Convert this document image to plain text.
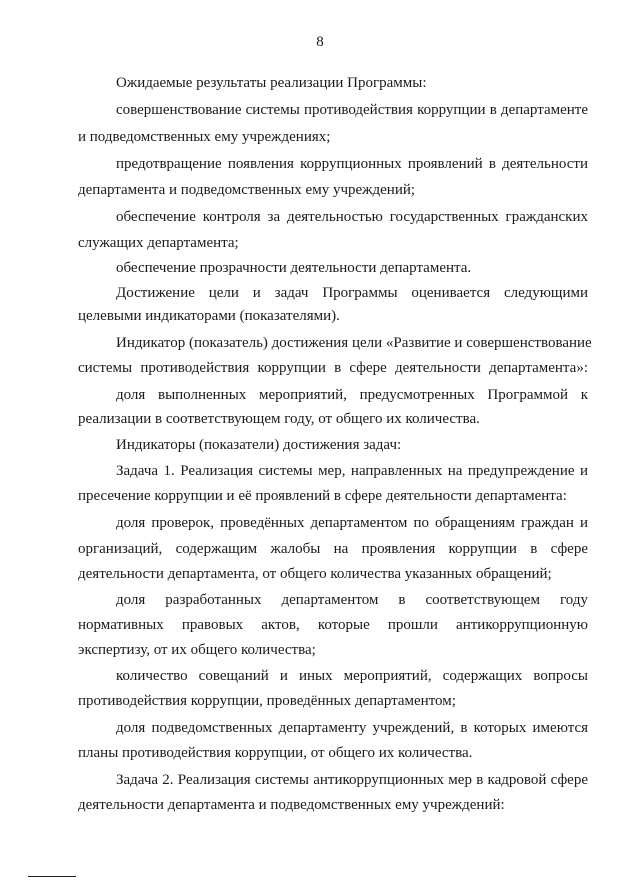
8
Ожидаемые результаты реализации Программы:
совершенствование системы противодействия коррупции в департаменте
и подведомственных ему учреждениях;
предотвращение появления коррупционных проявлений в деятельности
департамента и подведомственных ему учреждений;
обеспечение контроля за деятельностью государственных гражданских
служащих департамента;
обеспечение прозрачности деятельности департамента.
Достижение цели и задач Программы оценивается следующими
целевыми индикаторами (показателями).
Индикатор (показатель) достижения цели «Развитие и совершенствование
системы противодействия коррупции в сфере деятельности департамента»:
доля выполненных мероприятий, предусмотренных Программой к
реализации в соответствующем году, от общего их количества.
Индикаторы (показатели) достижения задач:
Задача 1. Реализация системы мер, направленных на предупреждение и
пресечение коррупции и её проявлений в сфере деятельности департамента:
доля проверок, проведённых департаментом по обращениям граждан и
организаций, содержащим жалобы на проявления коррупции в сфере
деятельности департамента, от общего количества указанных обращений;
доля разработанных департаментом в соответствующем году
нормативных правовых актов, которые прошли антикоррупционную
экспертизу, от их общего количества;
количество совещаний и иных мероприятий, содержащих вопросы
противодействия коррупции, проведённых департаментом;
доля подведомственных департаменту учреждений, в которых имеются
планы противодействия коррупции, от общего их количества.
Задача 2. Реализация системы антикоррупционных мер в кадровой сфере
деятельности департамента и подведомственных ему учреждений:
